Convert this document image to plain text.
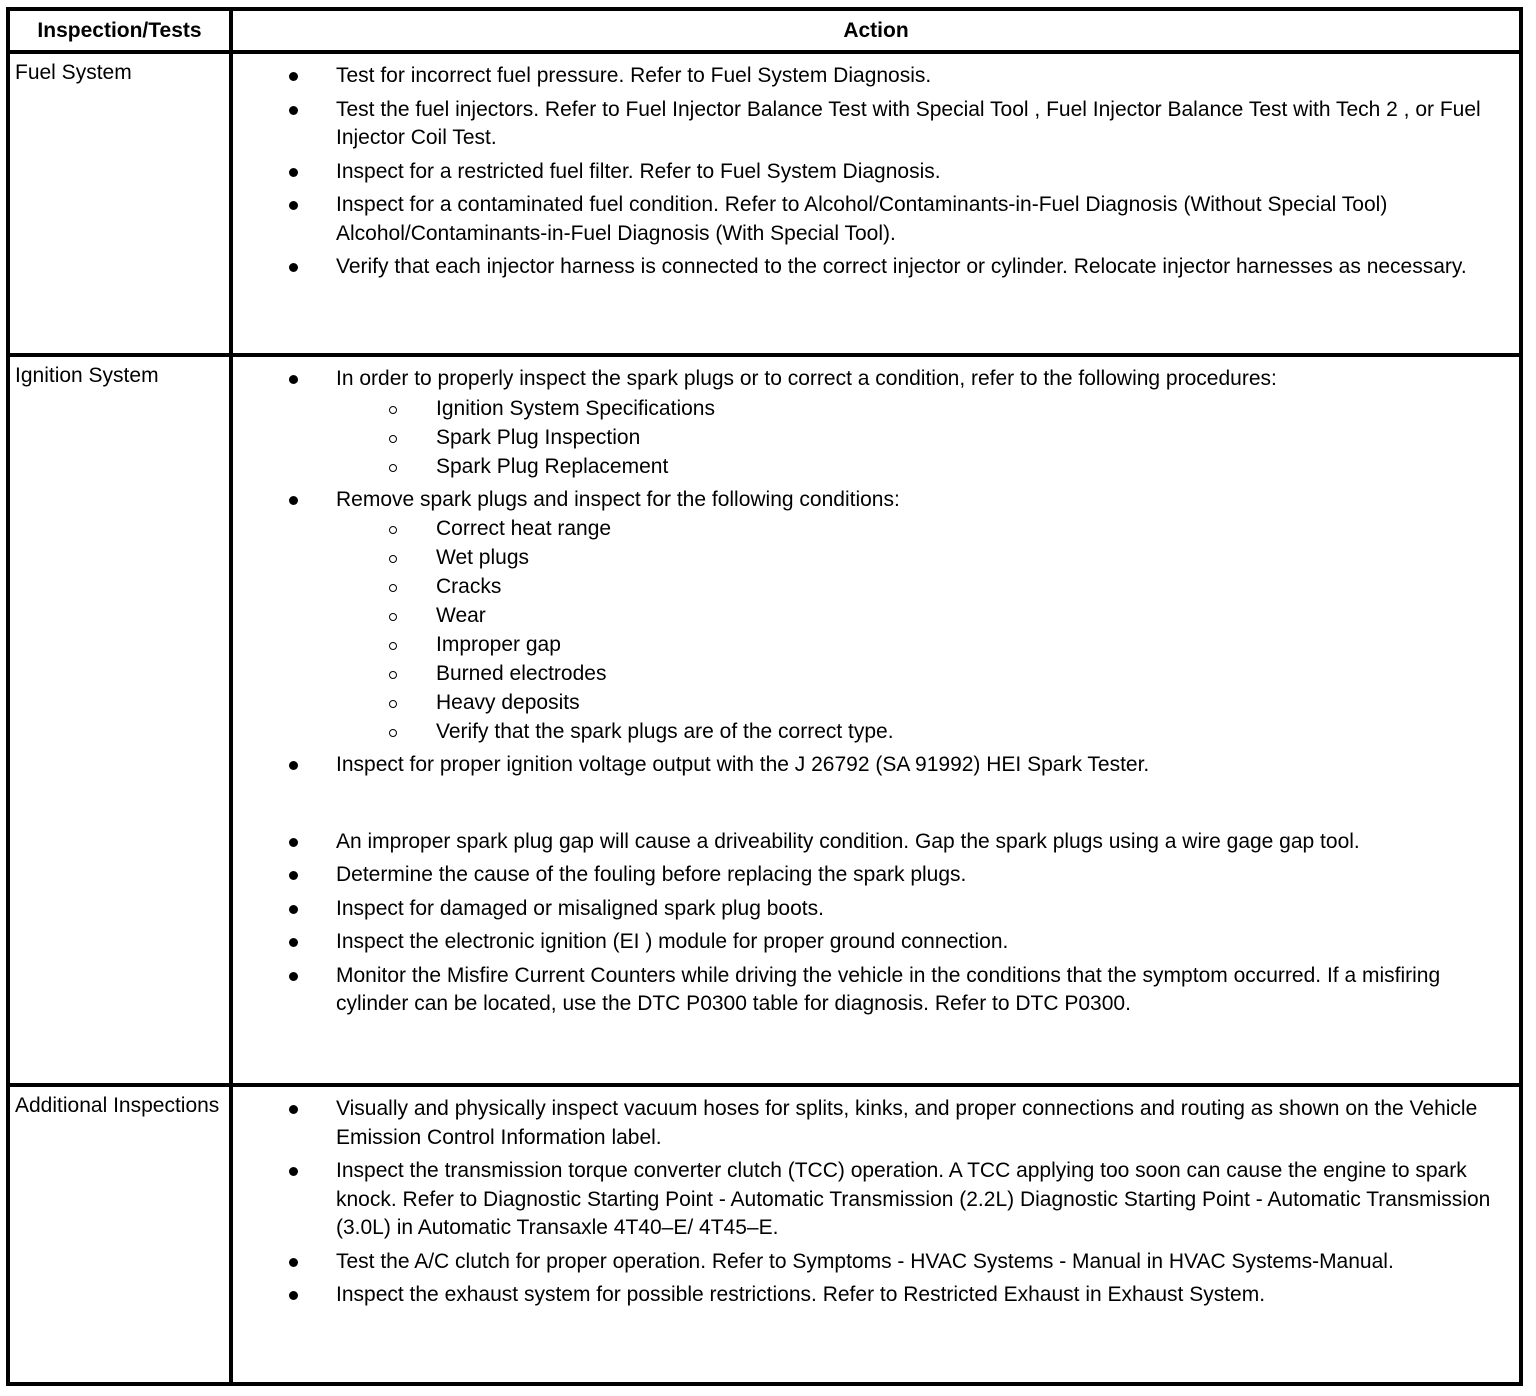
Inspection/Tests	Action
Fuel System	Test for incorrect fuel pressure. Refer to Fuel System Diagnosis.
Test the fuel injectors. Refer to Fuel Injector Balance Test with Special Tool , Fuel Injector Balance Test with Tech 2 , or Fuel Injector Coil Test.
Inspect for a restricted fuel filter. Refer to Fuel System Diagnosis.
Inspect for a contaminated fuel condition. Refer to Alcohol/Contaminants-in-Fuel Diagnosis (Without Special Tool) Alcohol/Contaminants-in-Fuel Diagnosis (With Special Tool).
Verify that each injector harness is connected to the correct injector or cylinder. Relocate injector harnesses as necessary.
Ignition System	In order to properly inspect the spark plugs or to correct a condition, refer to the following procedures:
Ignition System Specifications
Spark Plug Inspection
Spark Plug Replacement
Remove spark plugs and inspect for the following conditions:
Correct heat range
Wet plugs
Cracks
Wear
Improper gap
Burned electrodes
Heavy deposits
Verify that the spark plugs are of the correct type.
Inspect for proper ignition voltage output with the J 26792 (SA 91992) HEI Spark Tester.
An improper spark plug gap will cause a driveability condition. Gap the spark plugs using a wire gage gap tool.
Determine the cause of the fouling before replacing the spark plugs.
Inspect for damaged or misaligned spark plug boots.
Inspect the electronic ignition (EI ) module for proper ground connection.
Monitor the Misfire Current Counters while driving the vehicle in the conditions that the symptom occurred. If a misfiring cylinder can be located, use the DTC P0300 table for diagnosis. Refer to DTC P0300.
Additional Inspections	Visually and physically inspect vacuum hoses for splits, kinks, and proper connections and routing as shown on the Vehicle Emission Control Information label.
Inspect the transmission torque converter clutch (TCC) operation. A TCC applying too soon can cause the engine to spark knock. Refer to Diagnostic Starting Point - Automatic Transmission (2.2L) Diagnostic Starting Point - Automatic Transmission (3.0L) in Automatic Transaxle 4T40–E/ 4T45–E.
Test the A/C clutch for proper operation. Refer to Symptoms - HVAC Systems - Manual in HVAC Systems-Manual.
Inspect the exhaust system for possible restrictions. Refer to Restricted Exhaust in Exhaust System.
